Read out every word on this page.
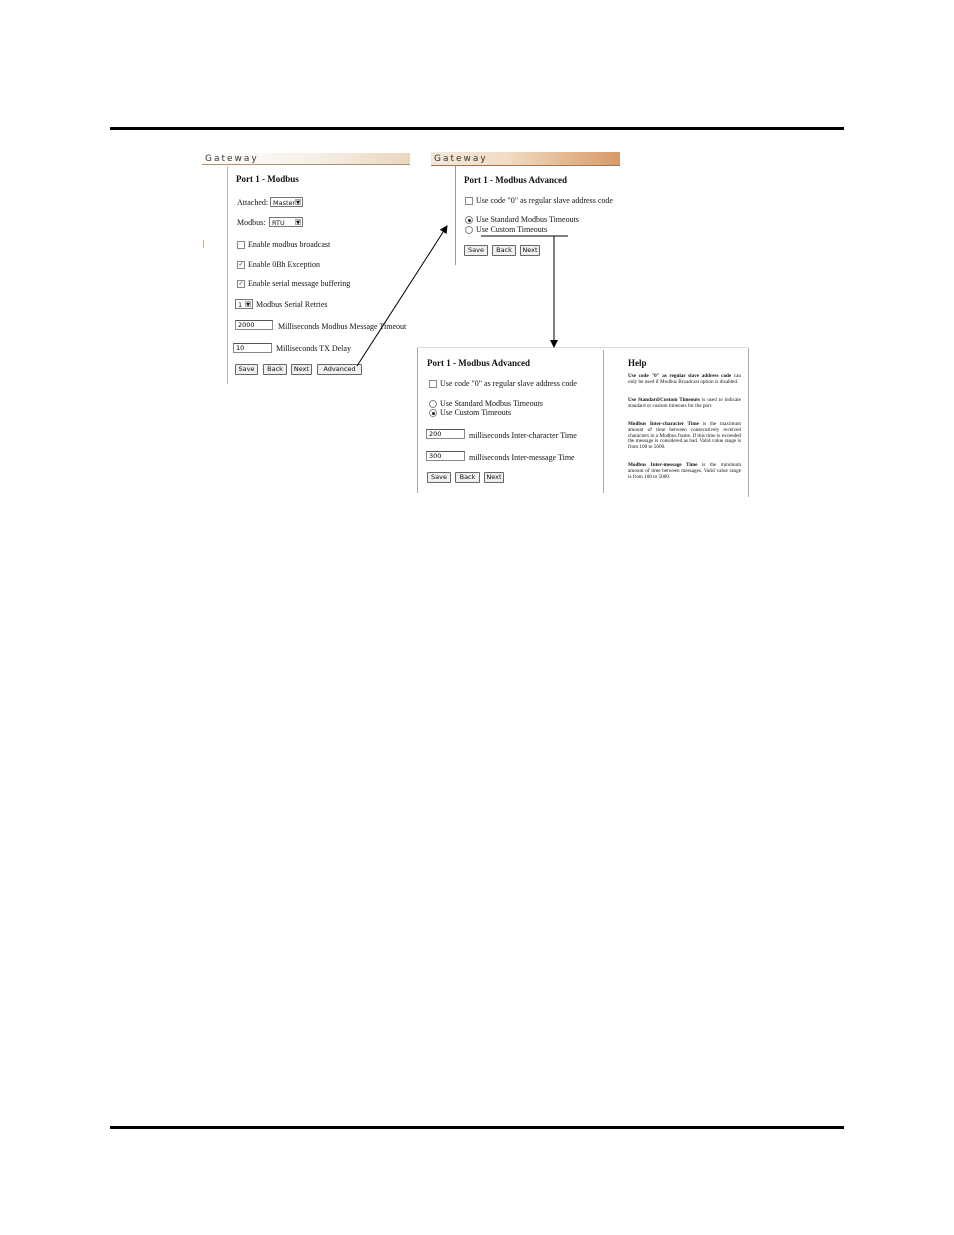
Gateway
Port 1 - Modbus
Attached: Master ▼
Modbus:	RTU ▼
Enable modbus broadcast
✓ Enable 0Bh Exception
✓ Enable serial message buffering
1 ▼ Modbus Serial Retries
2000
Milliseconds Modbus Message Timeout
10
Milliseconds TX Delay
Save	Back	Next	Advanced
Gateway
Port 1 - Modbus Advanced
Use code "0" as regular slave address code
Use Standard Modbus Timeouts
Use Custom Timeouts
Save	Back	Next
Port 1 - Modbus Advanced
Use code "0" as regular slave address code
Use Standard Modbus Timeouts
Use Custom Timeouts
200
milliseconds Inter-character Time
300
milliseconds Inter-message Time
Save	Back	Next
Help
Use code "0" as regular slave address code can only be used if Modbus Broadcast option is disabled.
Use Standard/Custom Timeouts is used to indicate standard or custom timeouts for the port.
Modbus Inter-character Time is the maximum amount of time between consecutively received characters in a Modbus frame. If this time is exceeded the message is considered as bad. Valid value range is from 100 to 5000.
Modbus Inter-message Time is the minimum amount of time between messages. Valid value range is from 100 to 5000.
